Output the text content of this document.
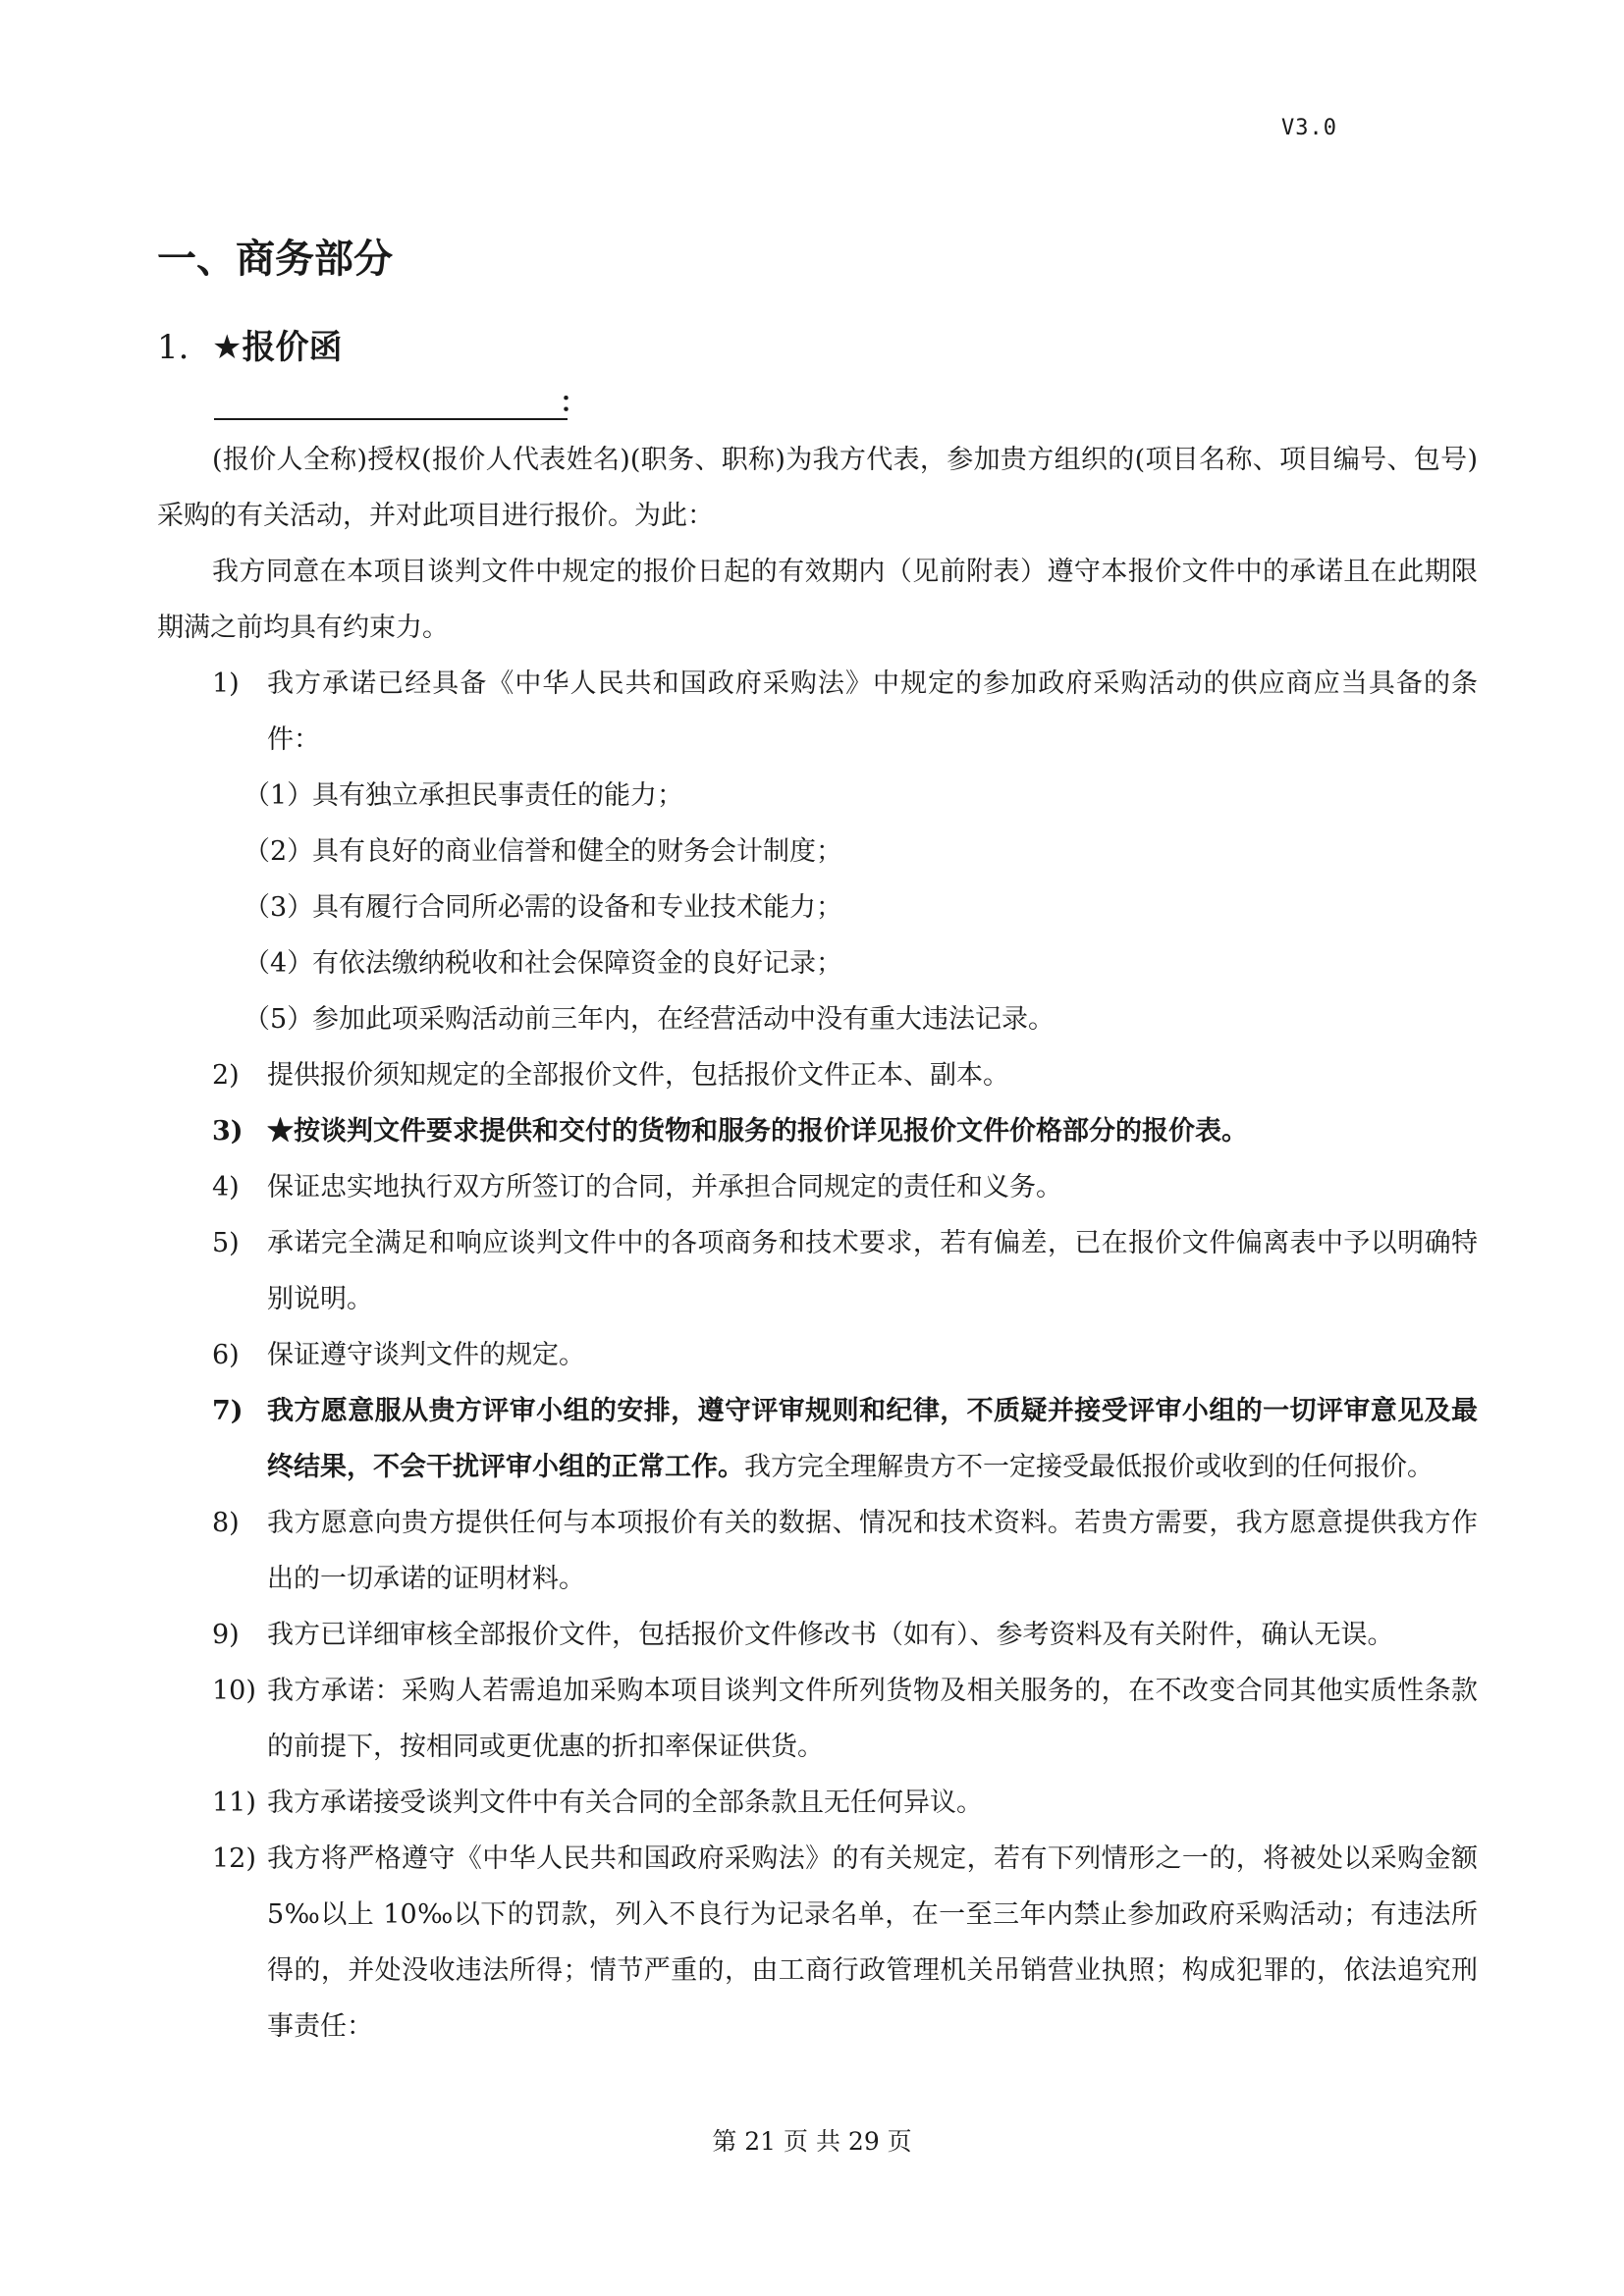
V3.0
一、商务部分
1. ★报价函
：

(报价人全称)授权(报价人代表姓名)(职务、职称)为我方代表，参加贵方组织的(项目名称、项目编号、包号)采购的有关活动，并对此项目进行报价。为此：

我方同意在本项目谈判文件中规定的报价日起的有效期内（见前附表）遵守本报价文件中的承诺且在此期限期满之前均具有约束力。

1)	我方承诺已经具备《中华人民共和国政府采购法》中规定的参加政府采购活动的供应商应当具备的条件：

（1）具有独立承担民事责任的能力；

（2）具有良好的商业信誉和健全的财务会计制度；

（3）具有履行合同所必需的设备和专业技术能力；

（4）有依法缴纳税收和社会保障资金的良好记录；

（5）参加此项采购活动前三年内，在经营活动中没有重大违法记录。

2)	提供报价须知规定的全部报价文件，包括报价文件正本、副本。

3) ★按谈判文件要求提供和交付的货物和服务的报价详见报价文件价格部分的报价表。

4)	保证忠实地执行双方所签订的合同，并承担合同规定的责任和义务。

5)	承诺完全满足和响应谈判文件中的各项商务和技术要求，若有偏差，已在报价文件偏离表中予以明确特别说明。

6)	保证遵守谈判文件的规定。

7) 我方愿意服从贵方评审小组的安排，遵守评审规则和纪律，不质疑并接受评审小组的一切评审意见及最终结果，不会干扰评审小组的正常工作。我方完全理解贵方不一定接受最低报价或收到的任何报价。

8)	我方愿意向贵方提供任何与本项报价有关的数据、情况和技术资料。若贵方需要，我方愿意提供我方作出的一切承诺的证明材料。

9)	我方已详细审核全部报价文件，包括报价文件修改书（如有）、参考资料及有关附件，确认无误。

10) 我方承诺：采购人若需追加采购本项目谈判文件所列货物及相关服务的，在不改变合同其他实质性条款的前提下，按相同或更优惠的折扣率保证供货。

11) 我方承诺接受谈判文件中有关合同的全部条款且无任何异议。

12) 我方将严格遵守《中华人民共和国政府采购法》的有关规定，若有下列情形之一的，将被处以采购金额 5‰以上 10‰以下的罚款，列入不良行为记录名单，在一至三年内禁止参加政府采购活动；有违法所得的，并处没收违法所得；情节严重的，由工商行政管理机关吊销营业执照；构成犯罪的，依法追究刑事责任：

第 21 页 共 29 页
